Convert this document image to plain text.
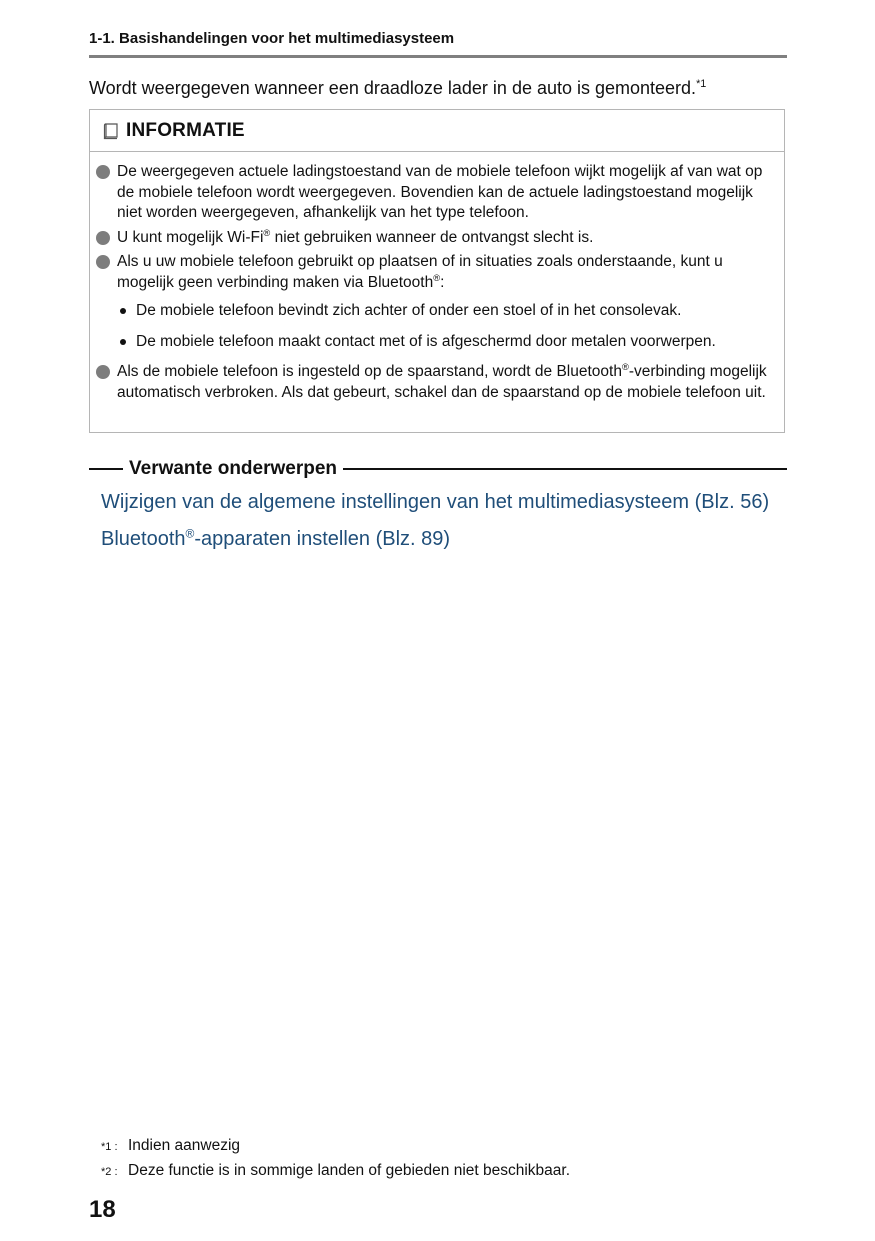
1-1. Basishandelingen voor het multimediasysteem
Wordt weergegeven wanneer een draadloze lader in de auto is gemonteerd.$^{*1}$
INFORMATIE
De weergegeven actuele ladingstoestand van de mobiele telefoon wijkt mogelijk af van wat op de mobiele telefoon wordt weergegeven. Bovendien kan de actuele ladingstoestand mogelijk niet worden weergegeven, afhankelijk van het type telefoon.
U kunt mogelijk Wi-Fi® niet gebruiken wanneer de ontvangst slecht is.
Als u uw mobiele telefoon gebruikt op plaatsen of in situaties zoals onderstaande, kunt u mogelijk geen verbinding maken via Bluetooth®:
De mobiele telefoon bevindt zich achter of onder een stoel of in het consolevak.
De mobiele telefoon maakt contact met of is afgeschermd door metalen voorwerpen.
Als de mobiele telefoon is ingesteld op de spaarstand, wordt de Bluetooth®-verbinding mogelijk automatisch verbroken. Als dat gebeurt, schakel dan de spaarstand op de mobiele telefoon uit.
Verwante onderwerpen
Wijzigen van de algemene instellingen van het multimediasysteem (Blz. 56)
Bluetooth®-apparaten instellen (Blz. 89)
*1 : Indien aanwezig
*2 : Deze functie is in sommige landen of gebieden niet beschikbaar.
18
